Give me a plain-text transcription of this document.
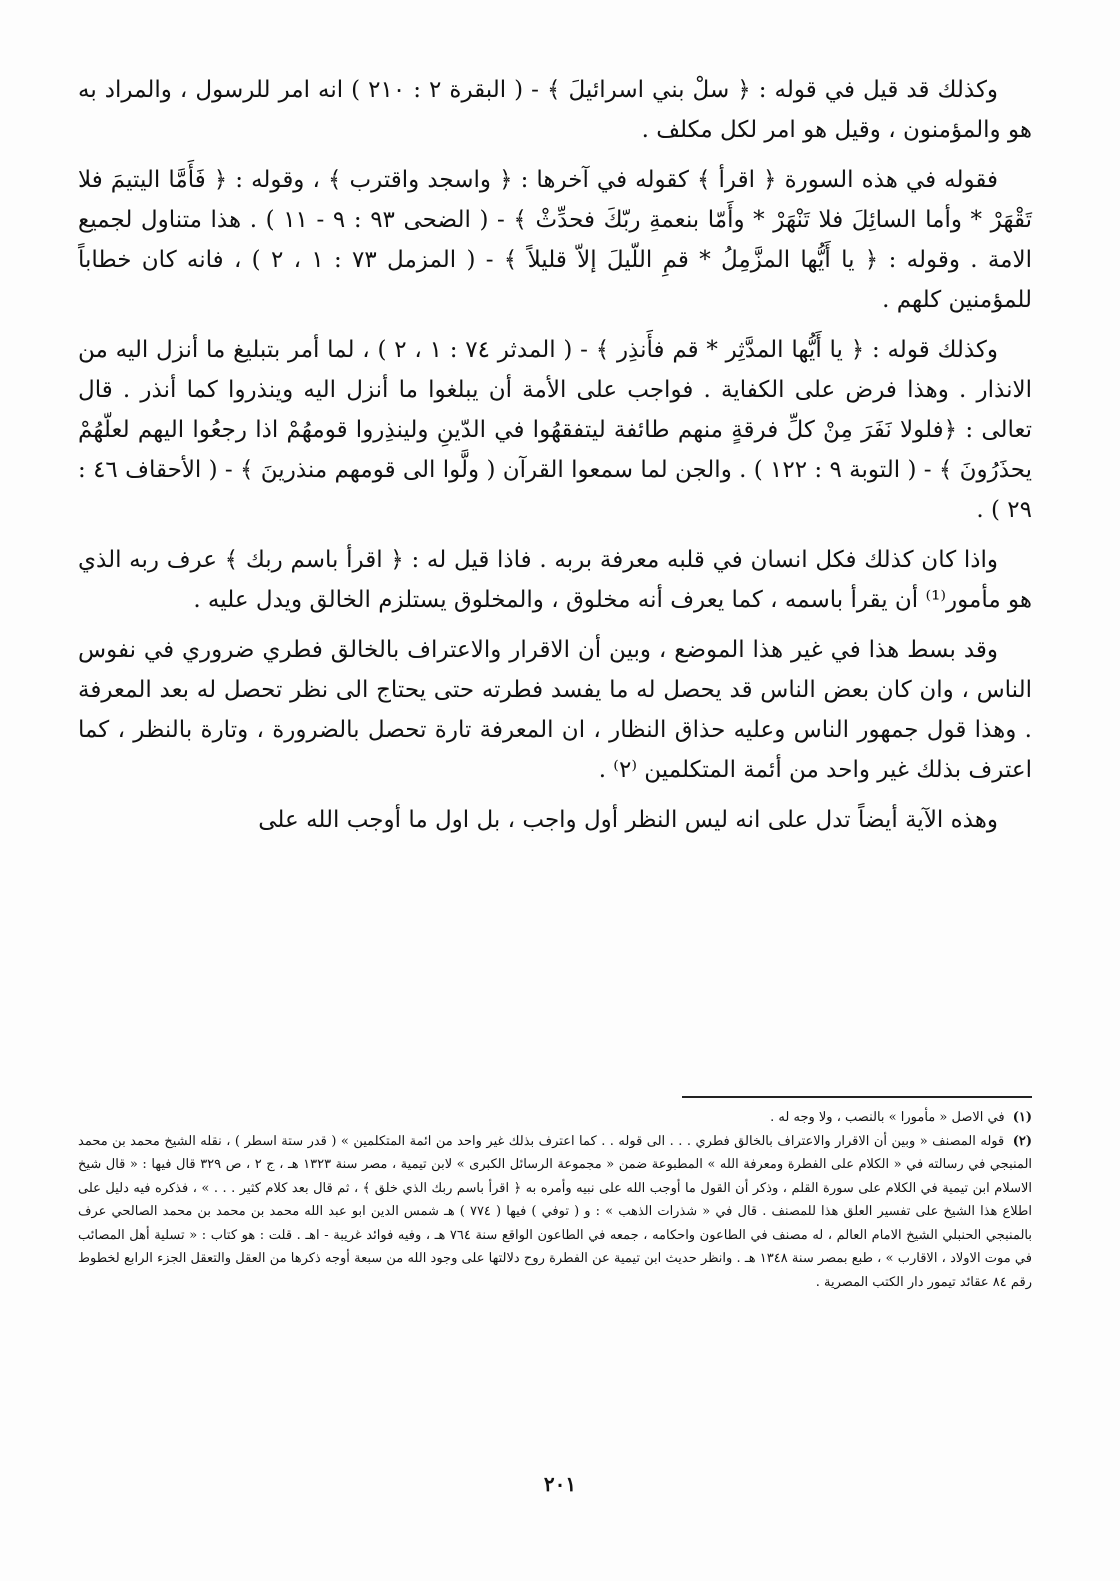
وكذلك قد قيل في قوله : ﴿ سلْ بني اسرائيلَ ﴾ - ( البقرة ٢ : ٢١٠ ) انه امر للرسول ، والمراد به هو والمؤمنون ، وقيل هو امر لكل مكلف .

فقوله في هذه السورة ﴿ اقرأ ﴾ كقوله في آخرها : ﴿ واسجد واقترب ﴾ ، وقوله : ﴿ فَأَمَّا اليتيمَ فلا تَقْهَرْ * وأما السائِلَ فلا تَنْهَرْ * وأَمّا بنعمةِ ربّكَ فحدِّثْ ﴾ - ( الضحى ٩٣ : ٩ - ١١ ) . هذا متناول لجميع الامة . وقوله : ﴿ يا أَيُّها المزَّمِلُ * قمِ اللّيلَ إلاّ قليلاً ﴾ - ( المزمل ٧٣ : ١ ، ٢ ) ، فانه كان خطاباً للمؤمنين كلهم .

وكذلك قوله : ﴿ يا أَيُّها المدَّثِر * قم فأَنذِر ﴾ - ( المدثر ٧٤ : ١ ، ٢ ) ، لما أمر بتبليغ ما أنزل اليه من الانذار . وهذا فرض على الكفاية . فواجب على الأمة أن يبلغوا ما أنزل اليه وينذروا كما أنذر . قال تعالى : ﴿فلولا نَفَرَ مِنْ كلِّ فرقةٍ منهم طائفة ليتفقهُوا في الدّينِ ولينذِروا قومهُمْ اذا رجعُوا اليهم لعلّهُمْ يحذَرُونَ ﴾ - ( التوبة ٩ : ١٢٢ ) . والجن لما سمعوا القرآن ( ولَّوا الى قومهم منذرينَ ﴾ - ( الأحقاف ٤٦ : ٢٩ ) .

واذا كان كذلك فكل انسان في قلبه معرفة بربه . فاذا قيل له : ﴿ اقرأ باسم ربك ﴾ عرف ربه الذي هو مأمور⁽¹⁾ أن يقرأ باسمه ، كما يعرف أنه مخلوق ، والمخلوق يستلزم الخالق ويدل عليه .

وقد بسط هذا في غير هذا الموضع ، وبين أن الاقرار والاعتراف بالخالق فطري ضروري في نفوس الناس ، وان كان بعض الناس قد يحصل له ما يفسد فطرته حتى يحتاج الى نظر تحصل له بعد المعرفة . وهذا قول جمهور الناس وعليه حذاق النظار ، ان المعرفة تارة تحصل بالضرورة ، وتارة بالنظر ، كما اعترف بذلك غير واحد من أئمة المتكلمين ⁽٢⁾ .

وهذه الآية أيضاً تدل على انه ليس النظر أول واجب ، بل اول ما أوجب الله على

(١) في الاصل « مأمورا » بالنصب ، ولا وجه له .

(٢) قوله المصنف « وبين أن الاقرار والاعتراف بالخالق فطري . . . الى قوله . . كما اعترف بذلك غير واحد من ائمة المتكلمين » ( قدر ستة اسطر ) ، نقله الشيخ محمد بن محمد المنبجي في رسالته في « الكلام على الفطرة ومعرفة الله » المطبوعة ضمن « مجموعة الرسائل الكبرى » لابن تيمية ، مصر سنة ١٣٢٣ هـ ، ج ٢ ، ص ٣٢٩ قال فيها : « قال شيخ الاسلام ابن تيمية في الكلام على سورة القلم ، وذكر أن القول ما أوجب الله على نبيه وأمره به ﴿ اقرأ باسم ربك الذي خلق ﴾ ، ثم قال بعد كلام كثير . . . » ، فذكره فيه دليل على اطلاع هذا الشيخ على تفسير العلق هذا للمصنف . قال في « شذرات الذهب » : و ( توفي ) فيها ( ٧٧٤ ) هـ شمس الدين ابو عبد الله محمد بن محمد بن محمد الصالحي عرف بالمنبجي الحنبلي الشيخ الامام العالم ، له مصنف في الطاعون واحكامه ، جمعه في الطاعون الواقع سنة ٧٦٤ هـ ، وفيه فوائد غريبة - اهـ . قلت : هو كتاب : « تسلية أهل المصائب في موت الاولاد ، الاقارب » ، طبع بمصر سنة ١٣٤٨ هـ . وانظر حديث ابن تيمية عن الفطرة روح دلالتها على وجود الله من سبعة أوجه ذكرها من العقل والتعقل الجزء الرابع لخطوط رقم ٨٤ عقائد تيمور دار الكتب المصرية .

٢٠١
